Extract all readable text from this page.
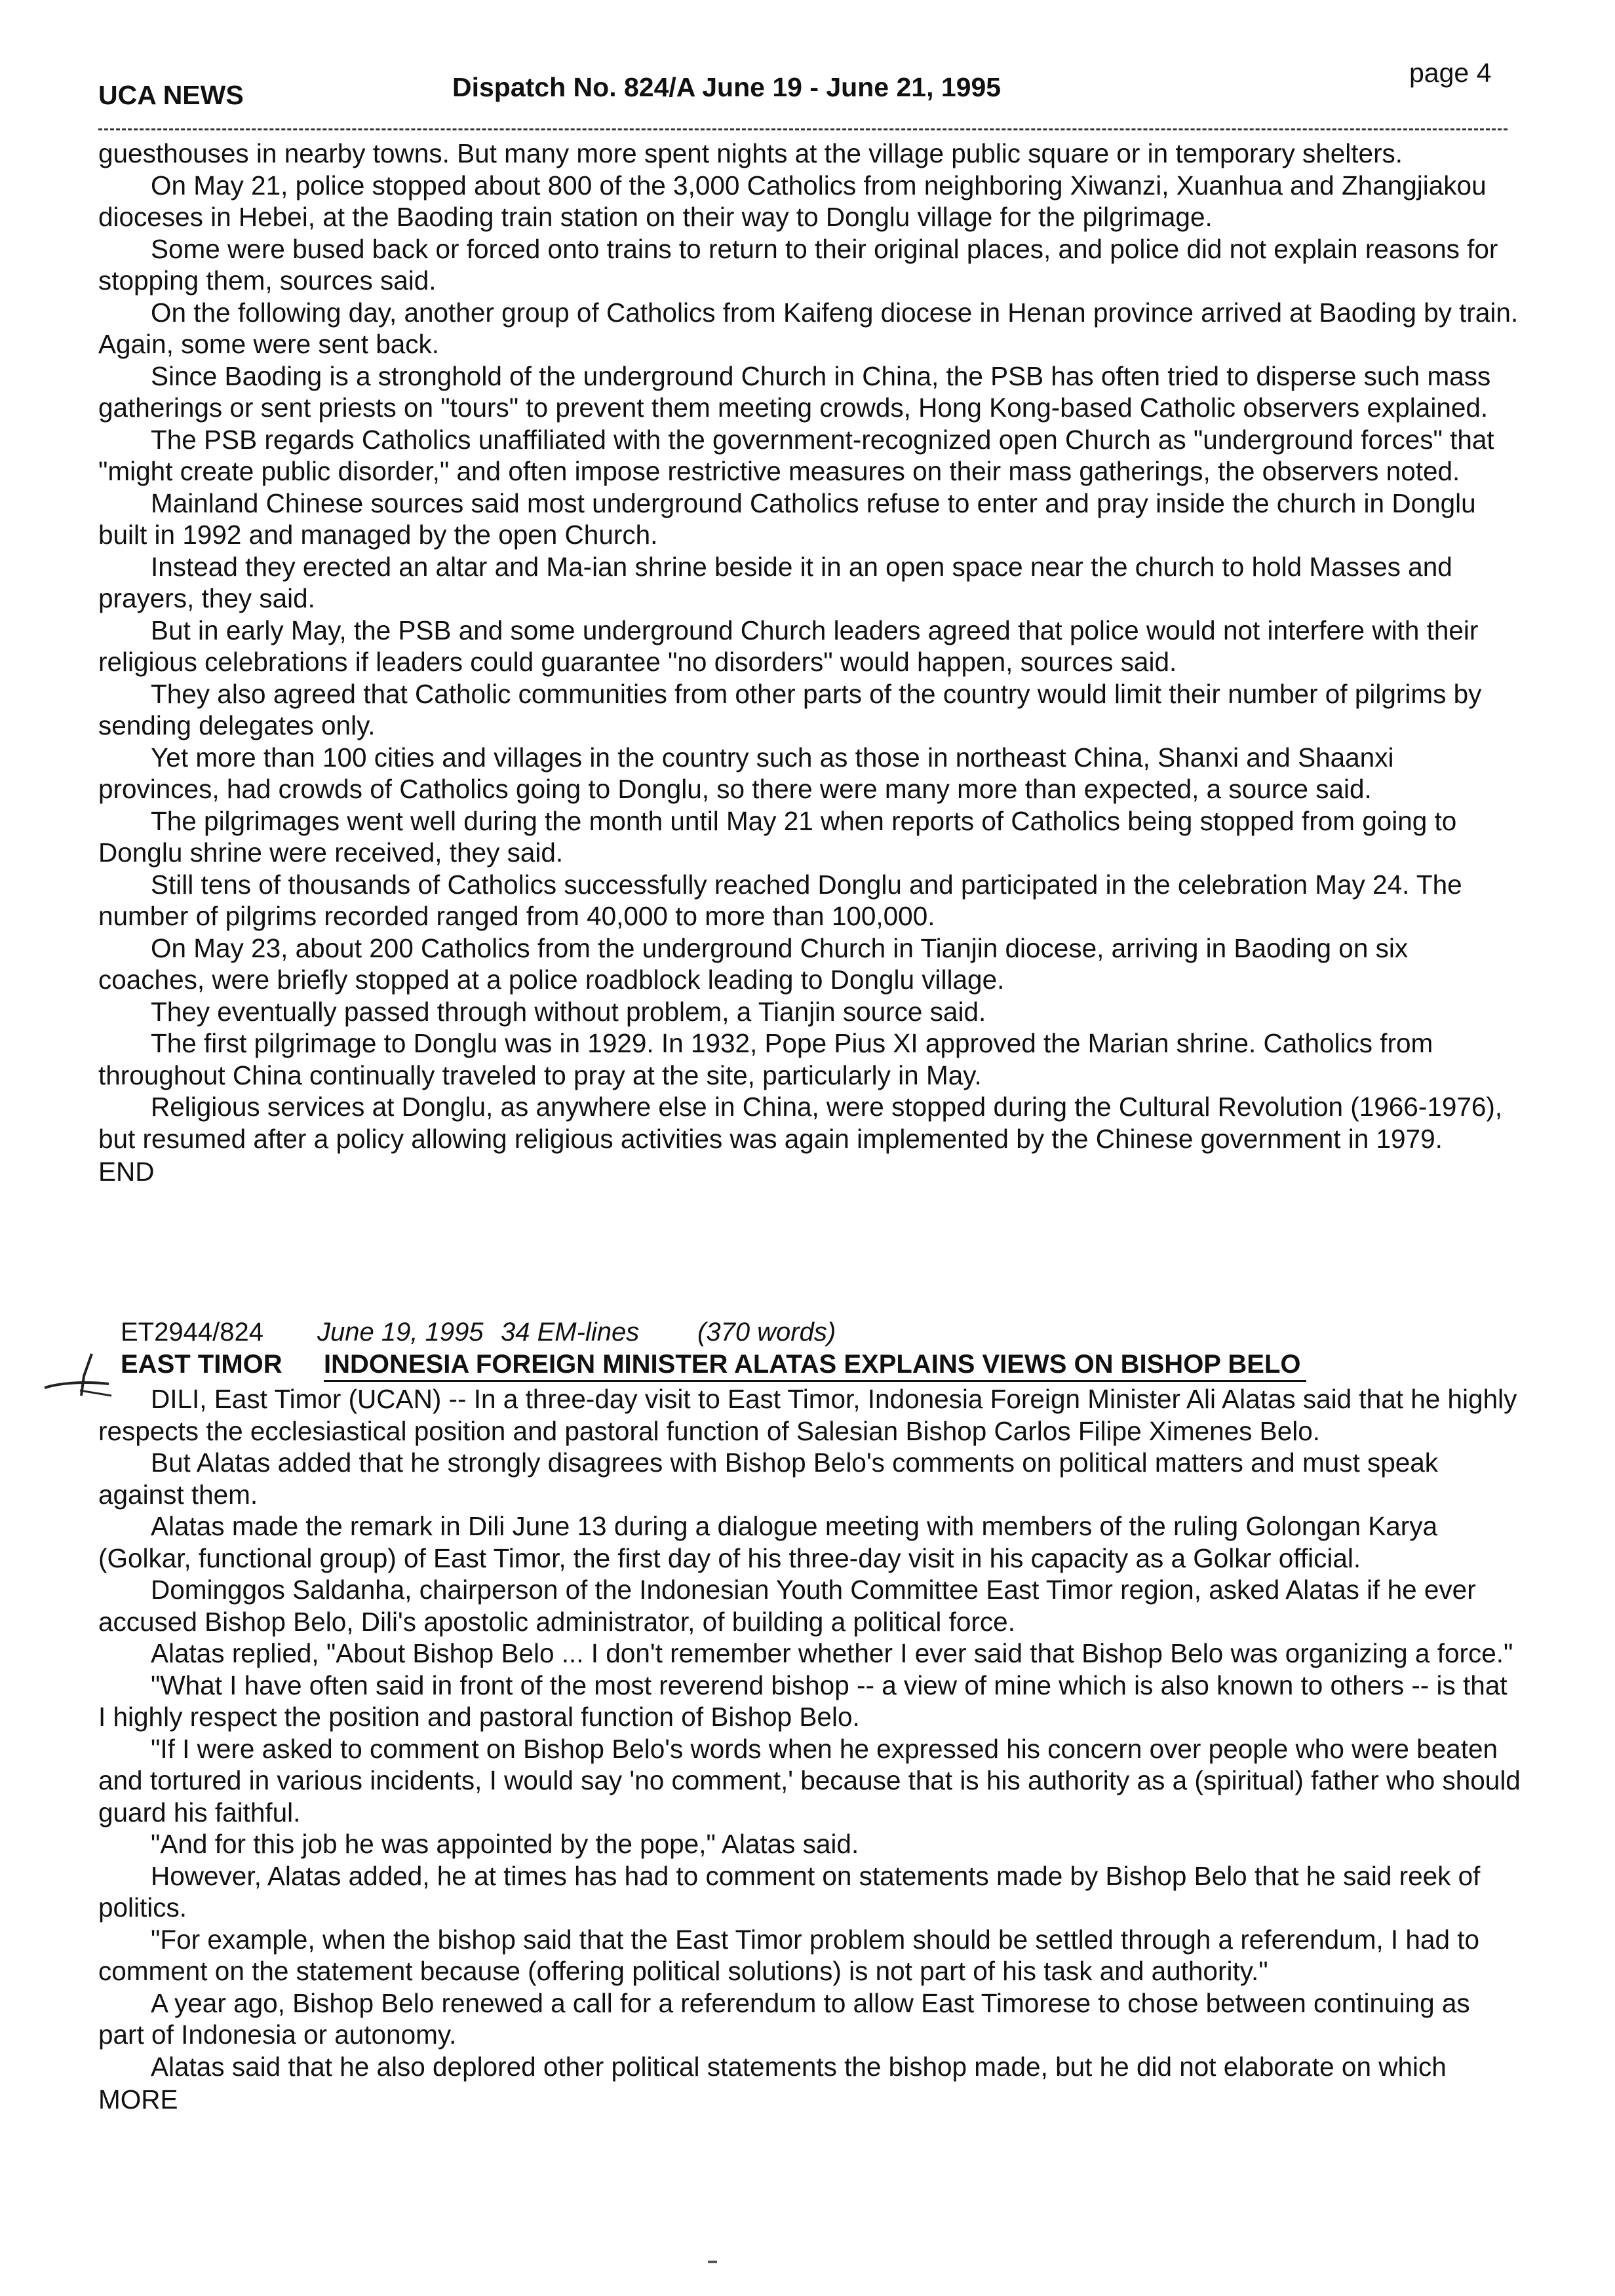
UCA NEWS	Dispatch No. 824/A June 19 - June 21, 1995	page 4

guesthouses in nearby towns. But many more spent nights at the village public square or in temporary shelters.

On May 21, police stopped about 800 of the 3,000 Catholics from neighboring Xiwanzi, Xuanhua and Zhangjiakou dioceses in Hebei, at the Baoding train station on their way to Donglu village for the pilgrimage.

Some were bused back or forced onto trains to return to their original places, and police did not explain reasons for stopping them, sources said.

On the following day, another group of Catholics from Kaifeng diocese in Henan province arrived at Baoding by train. Again, some were sent back.

Since Baoding is a stronghold of the underground Church in China, the PSB has often tried to disperse such mass gatherings or sent priests on "tours" to prevent them meeting crowds, Hong Kong-based Catholic observers explained.

The PSB regards Catholics unaffiliated with the government-recognized open Church as "underground forces" that "might create public disorder," and often impose restrictive measures on their mass gatherings, the observers noted.

Mainland Chinese sources said most underground Catholics refuse to enter and pray inside the church in Donglu built in 1992 and managed by the open Church.

Instead they erected an altar and Ma-ian shrine beside it in an open space near the church to hold Masses and prayers, they said.

But in early May, the PSB and some underground Church leaders agreed that police would not interfere with their religious celebrations if leaders could guarantee "no disorders" would happen, sources said.

They also agreed that Catholic communities from other parts of the country would limit their number of pilgrims by sending delegates only.

Yet more than 100 cities and villages in the country such as those in northeast China, Shanxi and Shaanxi provinces, had crowds of Catholics going to Donglu, so there were many more than expected, a source said.

The pilgrimages went well during the month until May 21 when reports of Catholics being stopped from going to Donglu shrine were received, they said.

Still tens of thousands of Catholics successfully reached Donglu and participated in the celebration May 24. The number of pilgrims recorded ranged from 40,000 to more than 100,000.

On May 23, about 200 Catholics from the underground Church in Tianjin diocese, arriving in Baoding on six coaches, were briefly stopped at a police roadblock leading to Donglu village.

They eventually passed through without problem, a Tianjin source said.

The first pilgrimage to Donglu was in 1929. In 1932, Pope Pius XI approved the Marian shrine. Catholics from throughout China continually traveled to pray at the site, particularly in May.

Religious services at Donglu, as anywhere else in China, were stopped during the Cultural Revolution (1966-1976), but resumed after a policy allowing religious activities was again implemented by the Chinese government in 1979.

END

ET2944/824 June 19, 1995 34 EM-lines (370 words)
EAST TIMOR INDONESIA FOREIGN MINISTER ALATAS EXPLAINS VIEWS ON BISHOP BELO

DILI, East Timor (UCAN) -- In a three-day visit to East Timor, Indonesia Foreign Minister Ali Alatas said that he highly respects the ecclesiastical position and pastoral function of Salesian Bishop Carlos Filipe Ximenes Belo.

But Alatas added that he strongly disagrees with Bishop Belo's comments on political matters and must speak against them.

Alatas made the remark in Dili June 13 during a dialogue meeting with members of the ruling Golongan Karya (Golkar, functional group) of East Timor, the first day of his three-day visit in his capacity as a Golkar official.

Dominggos Saldanha, chairperson of the Indonesian Youth Committee East Timor region, asked Alatas if he ever accused Bishop Belo, Dili's apostolic administrator, of building a political force.

Alatas replied, "About Bishop Belo ... I don't remember whether I ever said that Bishop Belo was organizing a force."

"What I have often said in front of the most reverend bishop -- a view of mine which is also known to others -- is that I highly respect the position and pastoral function of Bishop Belo.

"If I were asked to comment on Bishop Belo's words when he expressed his concern over people who were beaten and tortured in various incidents, I would say 'no comment,' because that is his authority as a (spiritual) father who should guard his faithful.

"And for this job he was appointed by the pope," Alatas said.

However, Alatas added, he at times has had to comment on statements made by Bishop Belo that he said reek of politics.

"For example, when the bishop said that the East Timor problem should be settled through a referendum, I had to comment on the statement because (offering political solutions) is not part of his task and authority."

A year ago, Bishop Belo renewed a call for a referendum to allow East Timorese to chose between continuing as part of Indonesia or autonomy.

Alatas said that he also deplored other political statements the bishop made, but he did not elaborate on which

MORE
